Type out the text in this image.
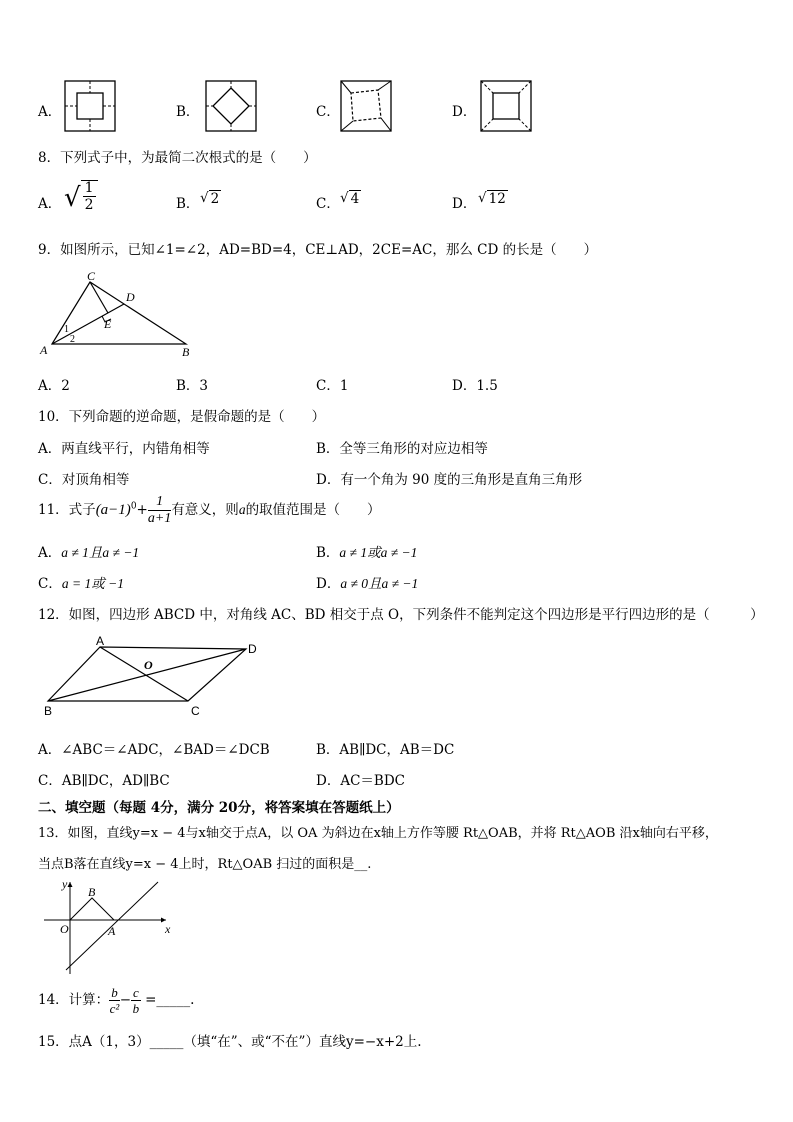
A．	B．	C．	D．
8．下列式子中，为最简二次根式的是（　　）
A． √ $\frac{1}{2}$	B． √ 2	C． √ 4	D． √ 12
9．如图所示，已知∠1=∠2，AD=BD=4，CE⊥AD，2CE=AC，那么 CD 的长是（　　）
C
D
E
A	B
1
2
A．2	B．3	C．1	D．1.5
10．下列命题的逆命题，是假命题的是（　　）
A．两直线平行，内错角相等	B．全等三角形的对应边相等
C．对顶角相等	D．有一个角为 90 度的三角形是直角三角形
11．式子$(a-1)^0+ \frac{1}{a+1}$ 有意义，则a的取值范围是（　　）
A．a ≠ 1且a ≠ −1	B．a ≠ 1或a ≠ −1
C．a = 1或 −1	D．a ≠ 0且a ≠ −1
12．如图，四边形 ABCD 中，对角线 AC、BD 相交于点 O，下列条件不能判定这个四边形是平行四边形的是（　　　）
A
D
O
B	C
A．∠ABC＝∠ADC，∠BAD＝∠DCB	B．AB∥DC，AB＝DC
C．AB∥DC，AD∥BC	D．AC＝BDC
二、填空题（每题 4分，满分 20分，将答案填在答题纸上）
13．如图，直线y=x − 4与x轴交于点A，以 OA 为斜边在x轴上方作等腰 Rt△OAB，并将 Rt△AOB 沿x轴向右平移，
当点B落在直线y=x − 4上时，Rt△OAB 扫过的面积是__.
y
x
O	A
B
14．计算： $\frac{b}{\text{c²}} - \frac{c}{b}$ =_____.
15．点A（1，3）_____（填“在”、或“不在”）直线y=−x+2上.
